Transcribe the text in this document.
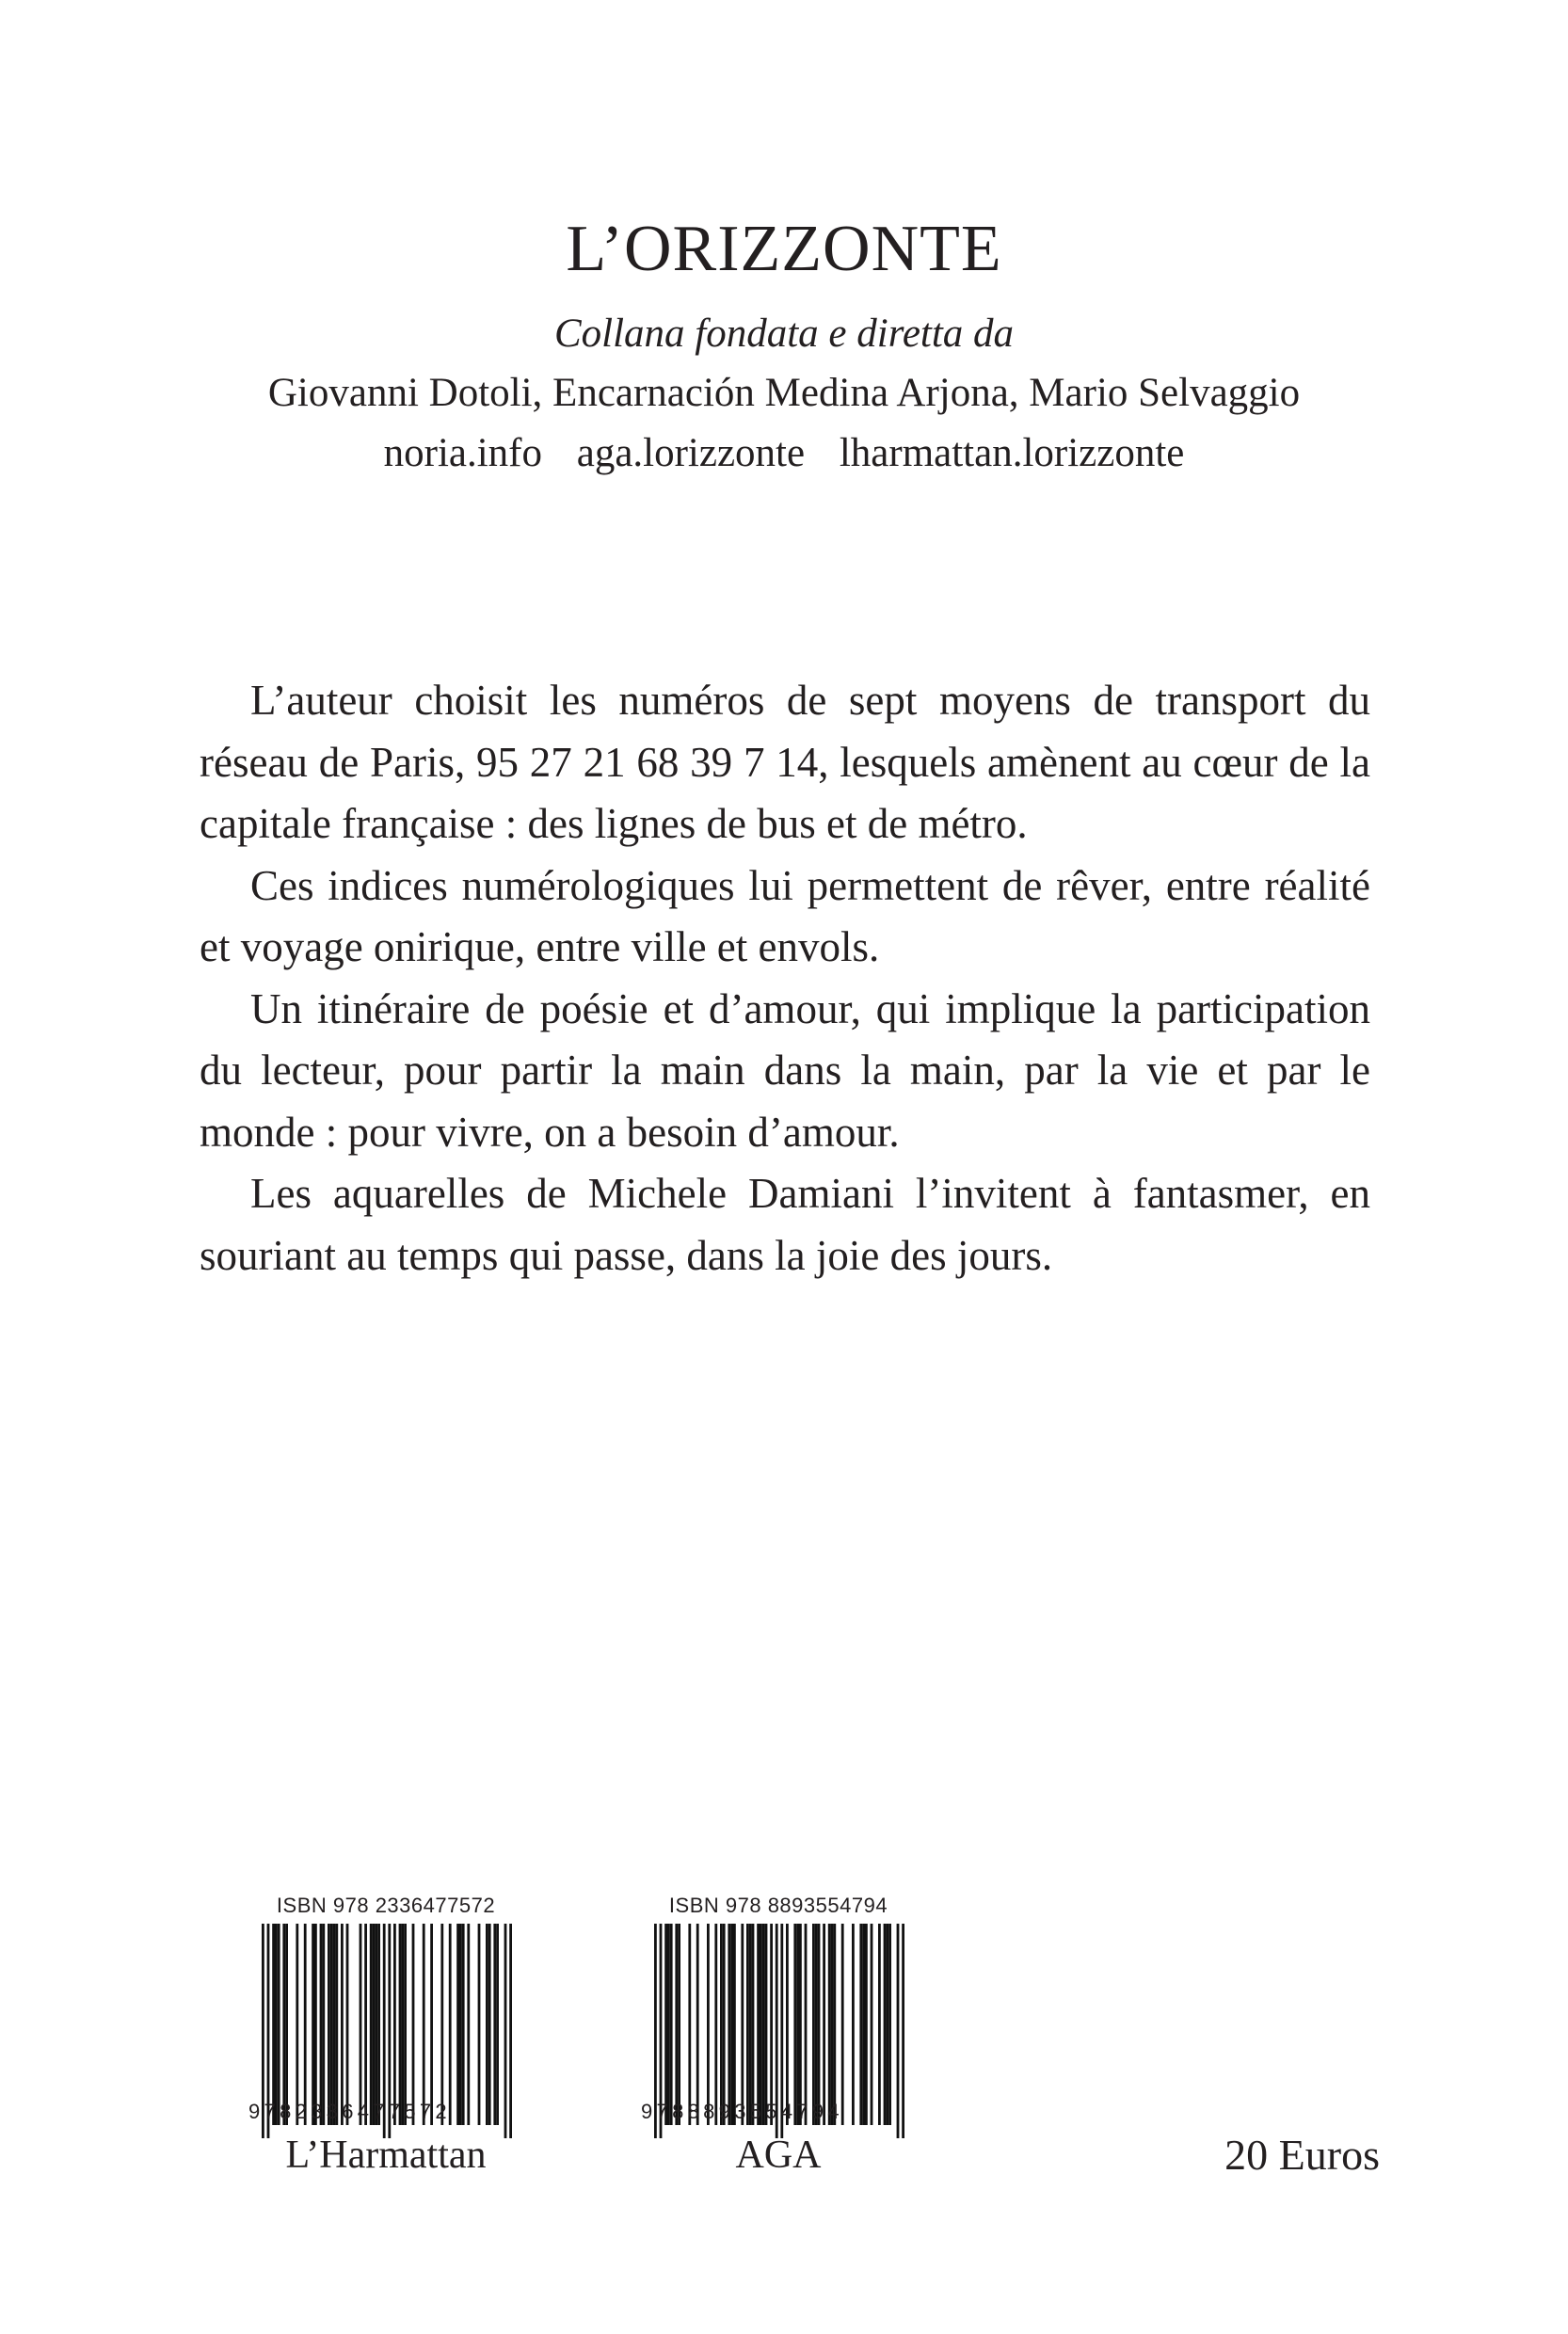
L’ORIZZONTE
Collana fondata e diretta da
Giovanni Dotoli, Encarnación Medina Arjona, Mario Selvaggio
noria.info aga.lorizzonte lharmattan.lorizzonte

L’auteur choisit les numéros de sept moyens de transport du réseau de Paris, 95 27 21 68 39 7 14, lesquels amènent au cœur de la capitale française : des lignes de bus et de métro.

Ces indices numérologiques lui permettent de rêver, entre réalité et voyage onirique, entre ville et envols.

Un itinéraire de poésie et d’amour, qui implique la participation du lecteur, pour partir la main dans la main, par la vie et par le monde : pour vivre, on a besoin d’amour.

Les aquarelles de Michele Damiani l’invitent à fantasmer, en souriant au temps qui passe, dans la joie des jours.

ISBN 978 2336477572
9782336477572
ISBN 978 8893554794
9788893554794
L’Harmattan	AGA	20 Euros
